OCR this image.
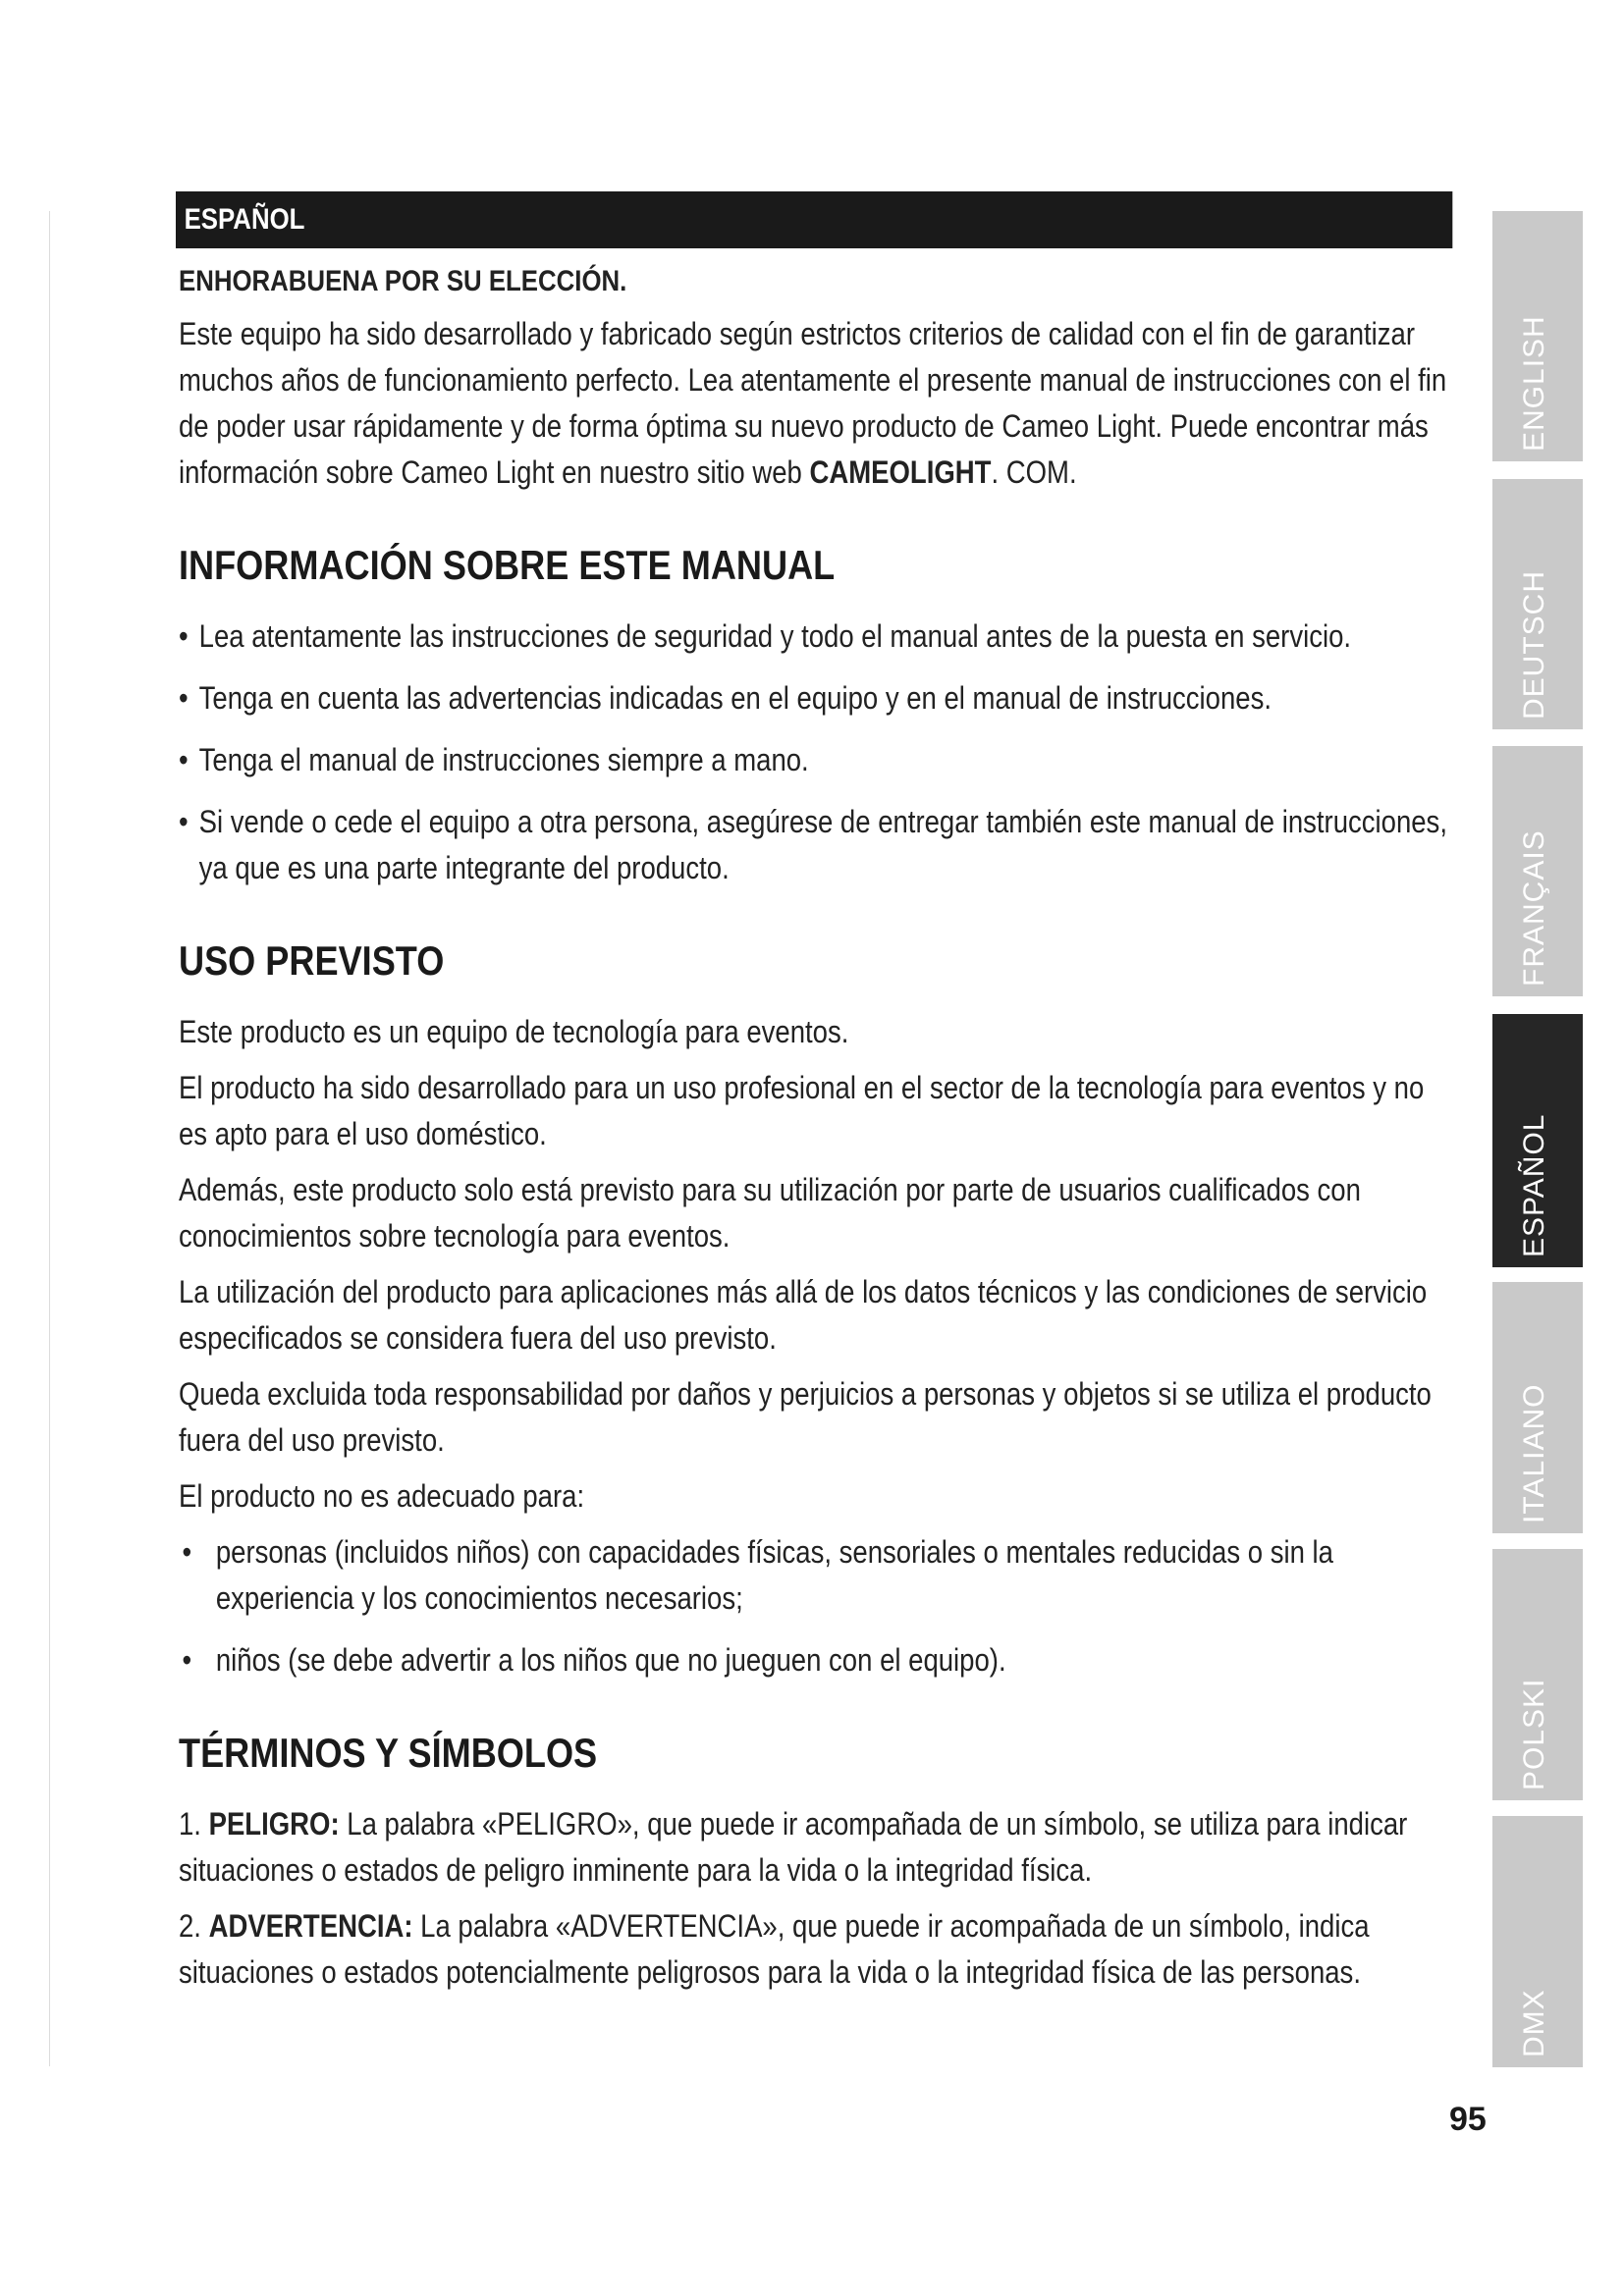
ESPAÑOL
ENHORABUENA POR SU ELECCIÓN.

Este equipo ha sido desarrollado y fabricado según estrictos criterios de calidad con el fin de garantizar muchos años de funcionamiento perfecto. Lea atentamente el presente manual de instrucciones con el fin de poder usar rápidamente y de forma óptima su nuevo producto de Cameo Light. Puede encontrar más información sobre Cameo Light en nuestro sitio web CAMEOLIGHT. COM.

INFORMACIÓN SOBRE ESTE MANUAL
• Lea atentamente las instrucciones de seguridad y todo el manual antes de la puesta en servicio.
• Tenga en cuenta las advertencias indicadas en el equipo y en el manual de instrucciones.
• Tenga el manual de instrucciones siempre a mano.
• Si vende o cede el equipo a otra persona, asegúrese de entregar también este manual de instrucciones, ya que es una parte integrante del producto.
USO PREVISTO

Este producto es un equipo de tecnología para eventos.

El producto ha sido desarrollado para un uso profesional en el sector de la tecnología para eventos y no es apto para el uso doméstico.

Además, este producto solo está previsto para su utilización por parte de usuarios cualificados con conocimientos sobre tecnología para eventos.

La utilización del producto para aplicaciones más allá de los datos técnicos y las condiciones de servicio especificados se considera fuera del uso previsto.

Queda excluida toda responsabilidad por daños y perjuicios a personas y objetos si se utiliza el producto fuera del uso previsto.

El producto no es adecuado para:

• personas (incluidos niños) con capacidades físicas, sensoriales o mentales reducidas o sin la experiencia y los conocimientos necesarios;
• niños (se debe advertir a los niños que no jueguen con el equipo).
TÉRMINOS Y SÍMBOLOS

1. PELIGRO: La palabra «PELIGRO», que puede ir acompañada de un símbolo, se utiliza para indicar situaciones o estados de peligro inminente para la vida o la integridad física.

2. ADVERTENCIA: La palabra «ADVERTENCIA», que puede ir acompañada de un símbolo, indica situaciones o estados potencialmente peligrosos para la vida o la integridad física de las personas.

ENGLISH
DEUTSCH
FRANÇAIS
ESPAÑOL
ITALIANO
POLSKI
DMX
95
